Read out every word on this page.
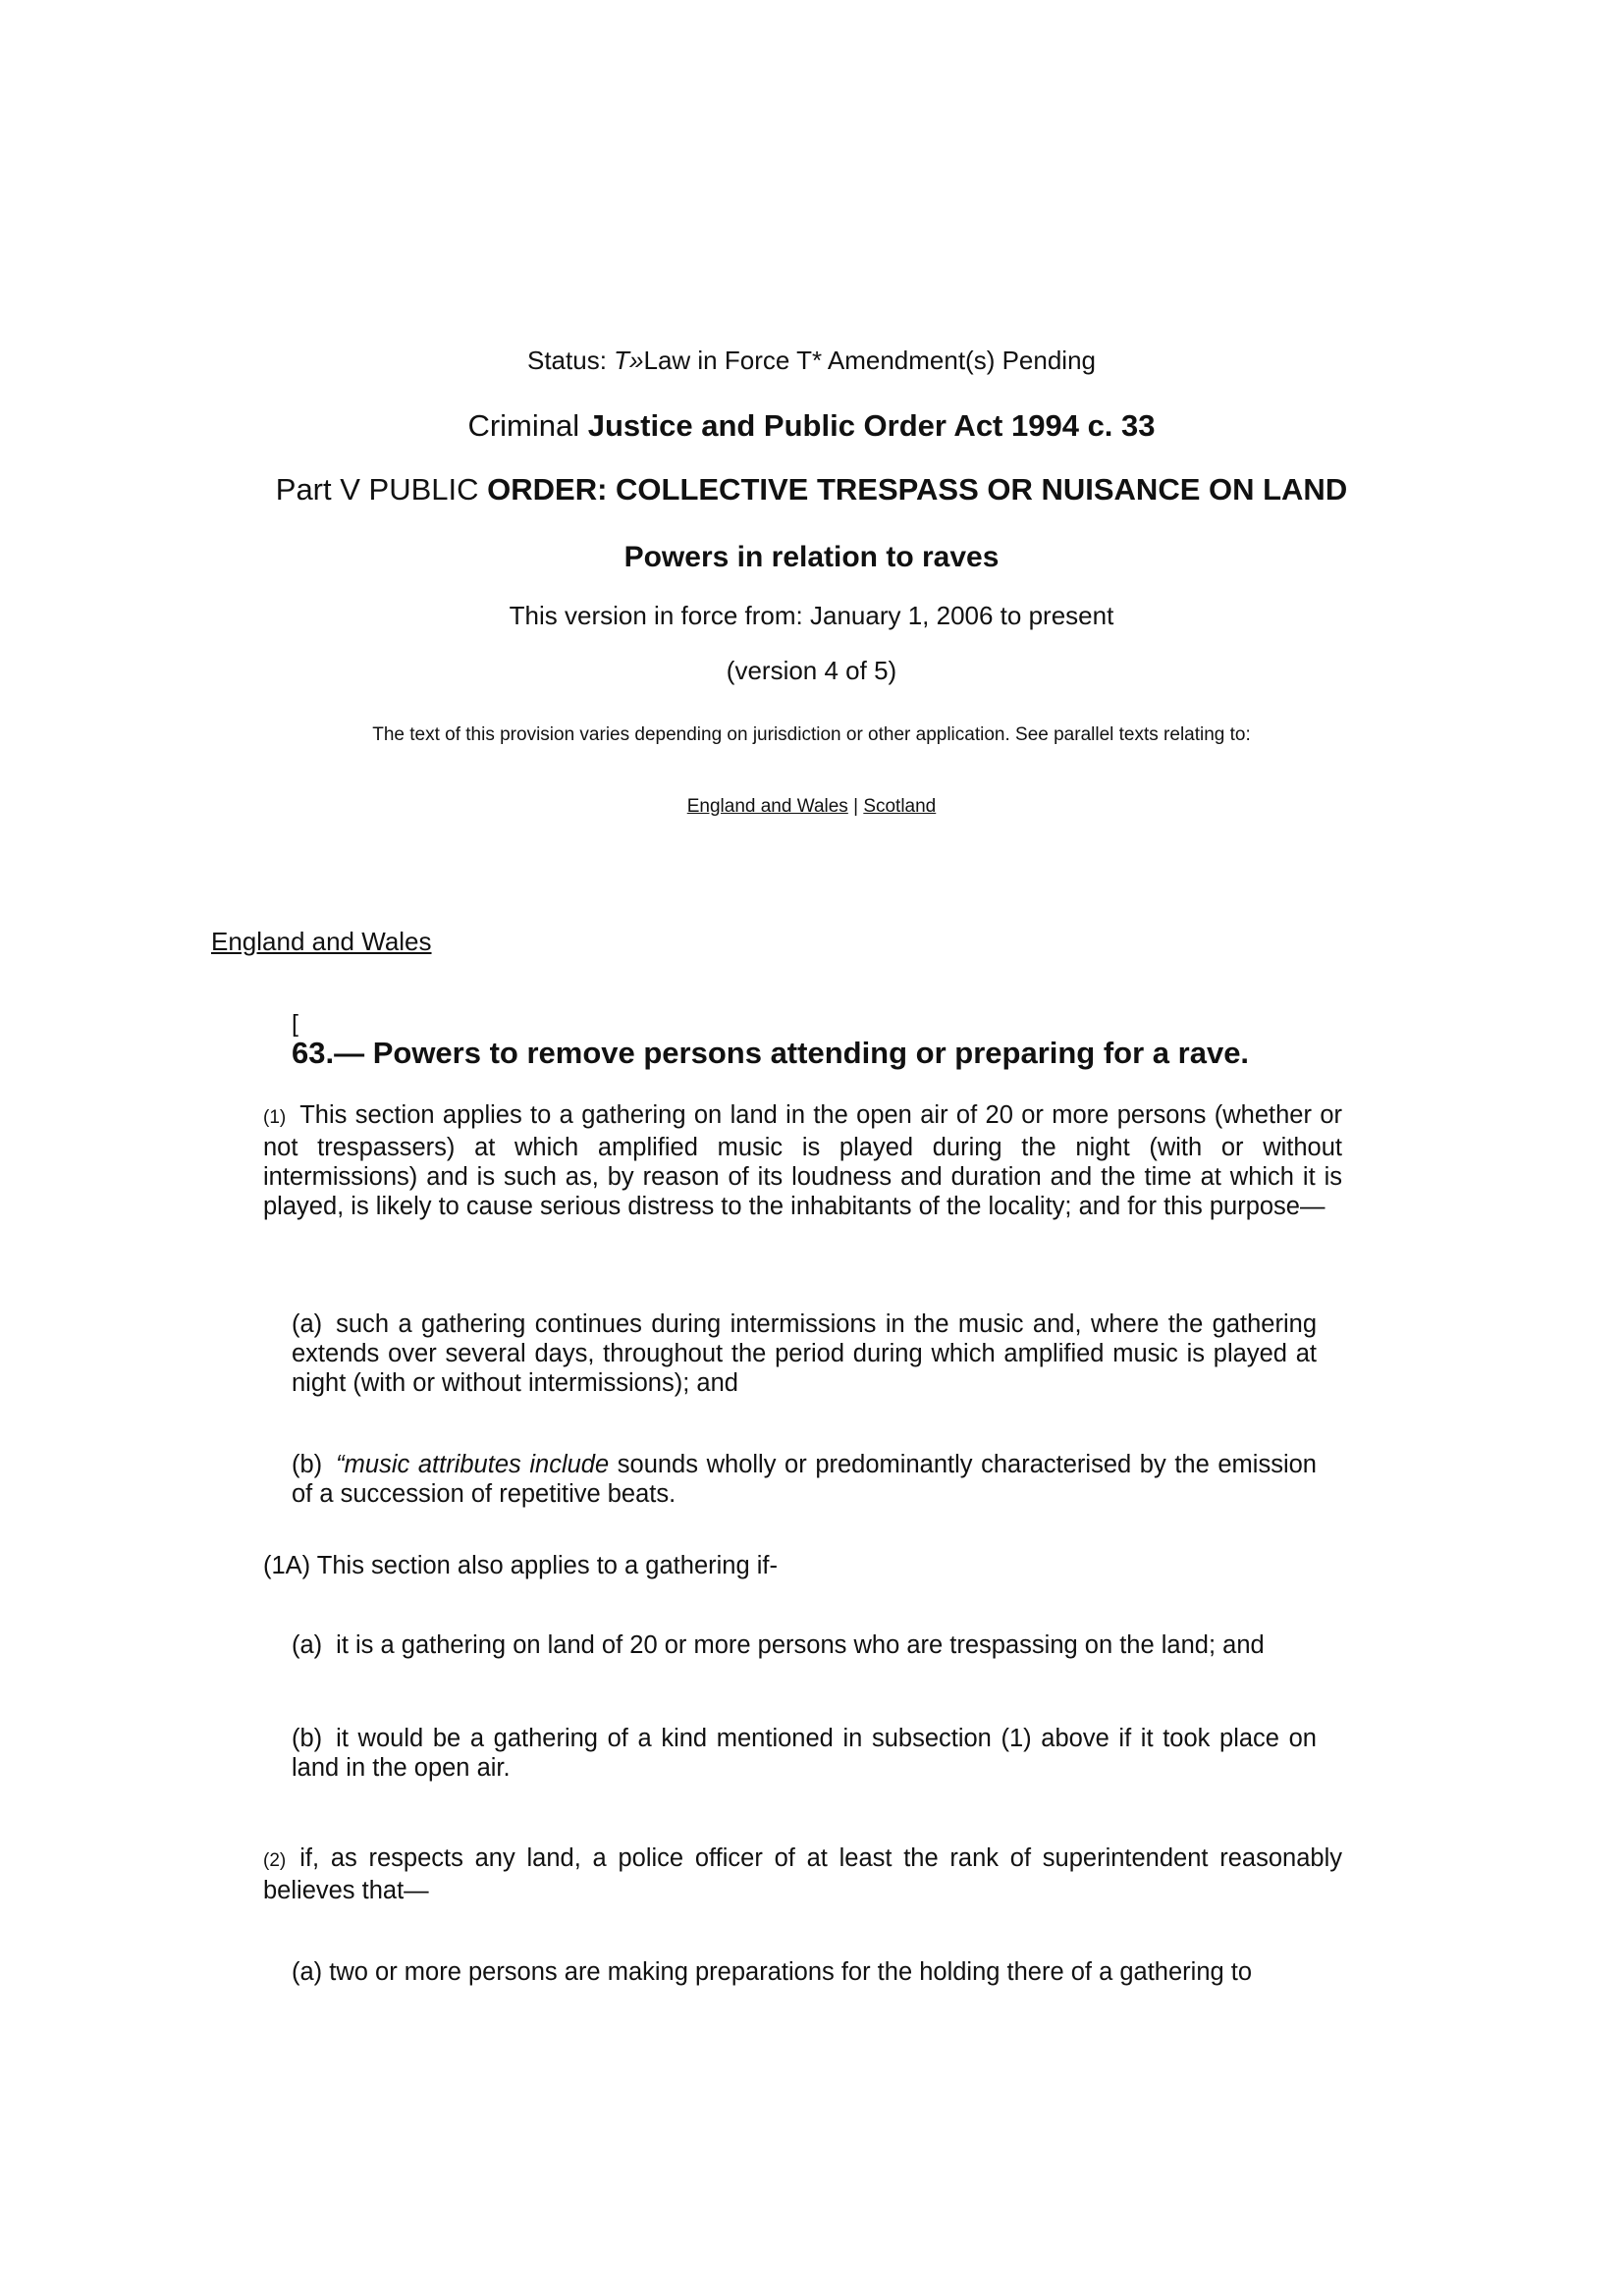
Status: T»Law in Force T* Amendment(s) Pending
Criminal Justice and Public Order Act 1994 c. 33
Part V PUBLIC ORDER: COLLECTIVE TRESPASS OR NUISANCE ON LAND
Powers in relation to raves
This version in force from: January 1, 2006 to present
(version 4 of 5)
The text of this provision varies depending on jurisdiction or other application. See parallel texts relating to:
England and Wales | Scotland
England and Wales
[
63.— Powers to remove persons attending or preparing for a rave.
(1) This section applies to a gathering on land in the open air of 20 or more persons (whether or not trespassers) at which amplified music is played during the night (with or without intermissions) and is such as, by reason of its loudness and duration and the time at which it is played, is likely to cause serious distress to the inhabitants of the locality; and for this purpose—
(a) such a gathering continues during intermissions in the music and, where the gathering extends over several days, throughout the period during which amplified music is played at night (with or without intermissions); and
(b) “music attributes include sounds wholly or predominantly characterised by the emission of a succession of repetitive beats.
(1A) This section also applies to a gathering if-
(a) it is a gathering on land of 20 or more persons who are trespassing on the land; and
(b) it would be a gathering of a kind mentioned in subsection (1) above if it took place on land in the open air.
(2) if, as respects any land, a police officer of at least the rank of superintendent reasonably believes that—
(a) two or more persons are making preparations for the holding there of a gathering to
